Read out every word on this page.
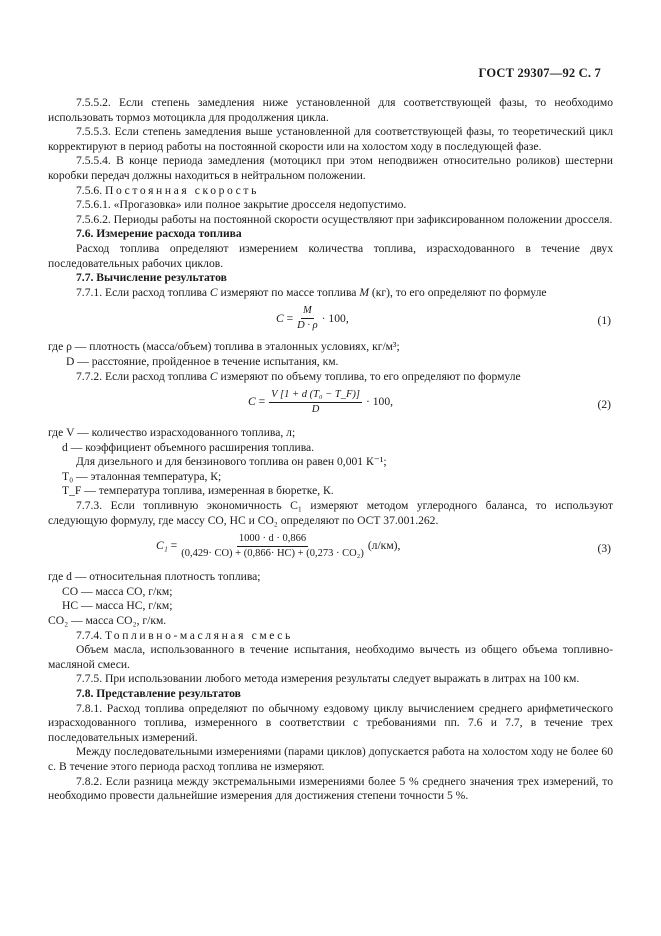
ГОСТ 29307—92 С. 7

7.5.5.2. Если степень замедления ниже установленной для соответствующей фазы, то необходимо использовать тормоз мотоцикла для продолжения цикла.

7.5.5.3. Если степень замедления выше установленной для соответствующей фазы, то теоретический цикл корректируют в период работы на постоянной скорости или на холостом ходу в последующей фазе.

7.5.5.4. В конце периода замедления (мотоцикл при этом неподвижен относительно роликов) шестерни коробки передач должны находиться в нейтральном положении.

7.5.6. Постоянная скорость

7.5.6.1. «Прогазовка» или полное закрытие дросселя недопустимо.

7.5.6.2. Периоды работы на постоянной скорости осуществляют при зафиксированном положении дросселя.

7.6. Измерение расхода топлива

Расход топлива определяют измерением количества топлива, израсходованного в течение двух последовательных рабочих циклов.

7.7. Вычисление результатов

7.7.1. Если расход топлива C измеряют по массе топлива M (кг), то его определяют по формуле

$C = \frac{M}{D \cdot \rho} \cdot 100$,	(1)

где ρ — плотность (масса/объем) топлива в эталонных условиях, кг/м³;

D — расстояние, пройденное в течение испытания, км.

7.7.2. Если расход топлива C измеряют по объему топлива, то его определяют по формуле

$C = \frac{\text{V [1 + d (T₀ − T\_F)]}}{D} \cdot 100$,	(2)

где V — количество израсходованного топлива, л;

d — коэффициент объемного расширения топлива.

Для дизельного и для бензинового топлива он равен 0,001 К⁻¹;

T₀ — эталонная температура, К;

T_F — температура топлива, измеренная в бюретке, К.

7.7.3. Если топливную экономичность C₁ измеряют методом углеродного баланса, то используют следующую формулу, где массу СО, НС и СО₂ определяют по ОСТ 37.001.262.

$C_1 = \frac{1000 \cdot d \cdot 0,866}{\text{(0,429· СО) + (0,866· НС) + (0,273 · СО₂)}} (л/км)$,	(3)

где d — относительная плотность топлива;

СО — масса СО, г/км;

НС — масса НС, г/км;

СО₂ — масса СО₂, г/км.

7.7.4. Топливно-масляная смесь

Объем масла, использованного в течение испытания, необходимо вычесть из общего объема топливно-масляной смеси.

7.7.5. При использовании любого метода измерения результаты следует выражать в литрах на 100 км.

7.8. Представление результатов

7.8.1. Расход топлива определяют по обычному ездовому циклу вычислением среднего арифметического израсходованного топлива, измеренного в соответствии с требованиями пп. 7.6 и 7.7, в течение трех последовательных измерений.

Между последовательными измерениями (парами циклов) допускается работа на холостом ходу не более 60 с. В течение этого периода расход топлива не измеряют.

7.8.2. Если разница между экстремальными измерениями более 5 % среднего значения трех измерений, то необходимо провести дальнейшие измерения для достижения степени точности 5 %.
